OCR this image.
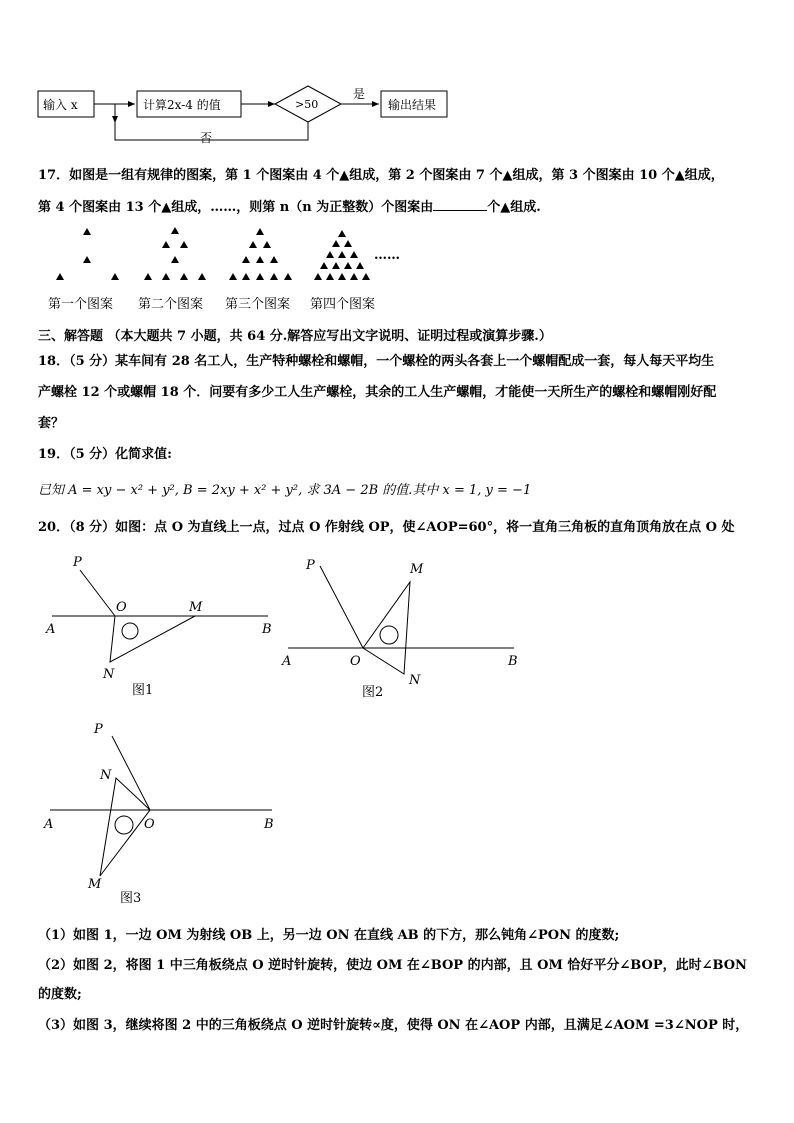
输入 x	计算2x-4 的值	>50
是
输出结果
否
17．如图是一组有规律的图案，第 1 个图案由 4 个▲组成，第 2 个图案由 7 个▲组成，第 3 个图案由 10 个▲组成，
第 4 个图案由 13 个▲组成，……，则第 n（n 为正整数）个图案由	个▲组成.
……
第一个图案 第二个图案 第三个图案 第四个图案
三、解答题 （本大题共 7 小题，共 64 分.解答应写出文字说明、证明过程或演算步骤.）
18．（5 分）某车间有 28 名工人，生产特种螺栓和螺帽，一个螺栓的两头各套上一个螺帽配成一套，每人每天平均生
产螺栓 12 个或螺帽 18 个．问要有多少工人生产螺栓，其余的工人生产螺帽，才能使一天所生产的螺栓和螺帽刚好配
套？
19．（5 分）化简求值:
已知 A = xy − x² + y², B = 2xy + x² + y², 求 3A − 2B 的值.其中 x = 1, y = −1
20．（8 分）如图：点 O 为直线上一点，过点 O 作射线 OP，使∠AOP=60°，将一直角三角板的直角顶角放在点 O 处
P
O	M
A	B
N
图1
P	M
A	O	B
N
图2
P
N
A	O	B
M
图3
（1）如图 1，一边 OM 为射线 OB 上，另一边 ON 在直线 AB 的下方，那么钝角∠PON 的度数;
（2）如图 2，将图 1 中三角板绕点 O 逆时针旋转，使边 OM 在∠BOP 的内部，且 OM 恰好平分∠BOP，此时∠BON
的度数;
（3）如图 3，继续将图 2 中的三角板绕点 O 逆时针旋转∝度，使得 ON 在∠AOP 内部，且满足∠AOM =3∠NOP 时，
